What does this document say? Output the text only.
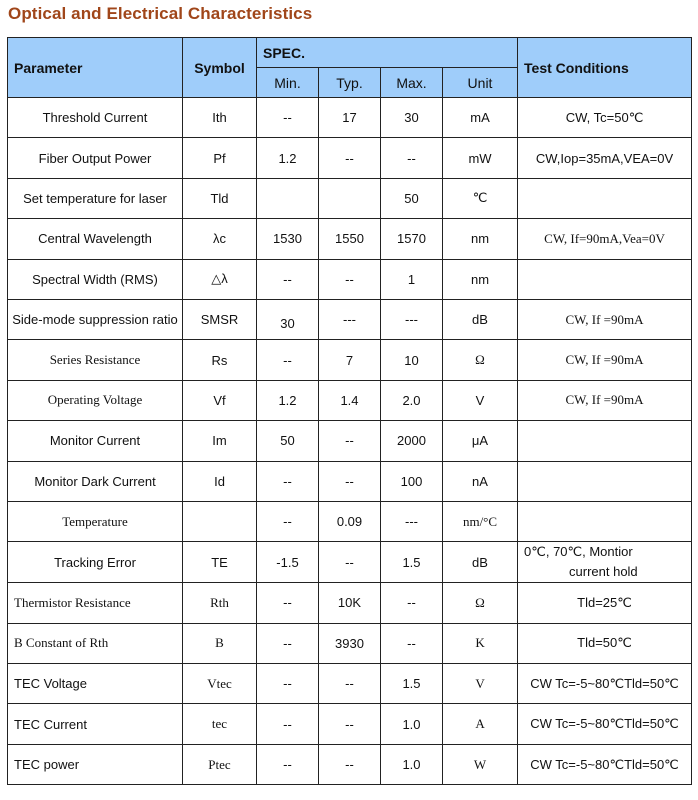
Optical and Electrical Characteristics
Parameter	Symbol	SPEC.				Test Conditions
		Min.	Typ.	Max.	Unit	
Threshold Current	Ith	--	17	30	mA	CW, Tc=50℃
Fiber Output Power	Pf	1.2	--	--	mW	CW,Iop=35mA,VEA=0V
Set temperature for laser	Tld			50	℃	
Central Wavelength	λc	1530	1550	1570	nm	CW, If=90mA,Vea=0V
Spectral Width (RMS)	△λ	--	--	1	nm	
Side-mode suppression ratio	SMSR	30	---	---	dB	CW, If =90mA
Series Resistance	Rs	--	7	10	Ω	CW, If =90mA
Operating Voltage	Vf	1.2	1.4	2.0	V	CW, If =90mA
Monitor Current	Im	50	--	2000	μA	
Monitor Dark Current	Id	--	--	100	nA	
Temperature		--	0.09	---	nm/°C	
Tracking Error	TE	-1.5	--	1.5	dB	0℃, 70℃, Montior
current hold

Thermistor Resistance	Rth	--	10K	--	Ω	Tld=25℃
B Constant of Rth	B	--	3930	--	K	Tld=50℃
TEC Voltage	Vtec	--	--	1.5	V	CW Tc=-5~80℃Tld=50℃
TEC Current	tec	--	--	1.0	A	CW Tc=-5~80℃Tld=50℃
TEC power	Ptec	--	--	1.0	W	CW Tc=-5~80℃Tld=50℃
